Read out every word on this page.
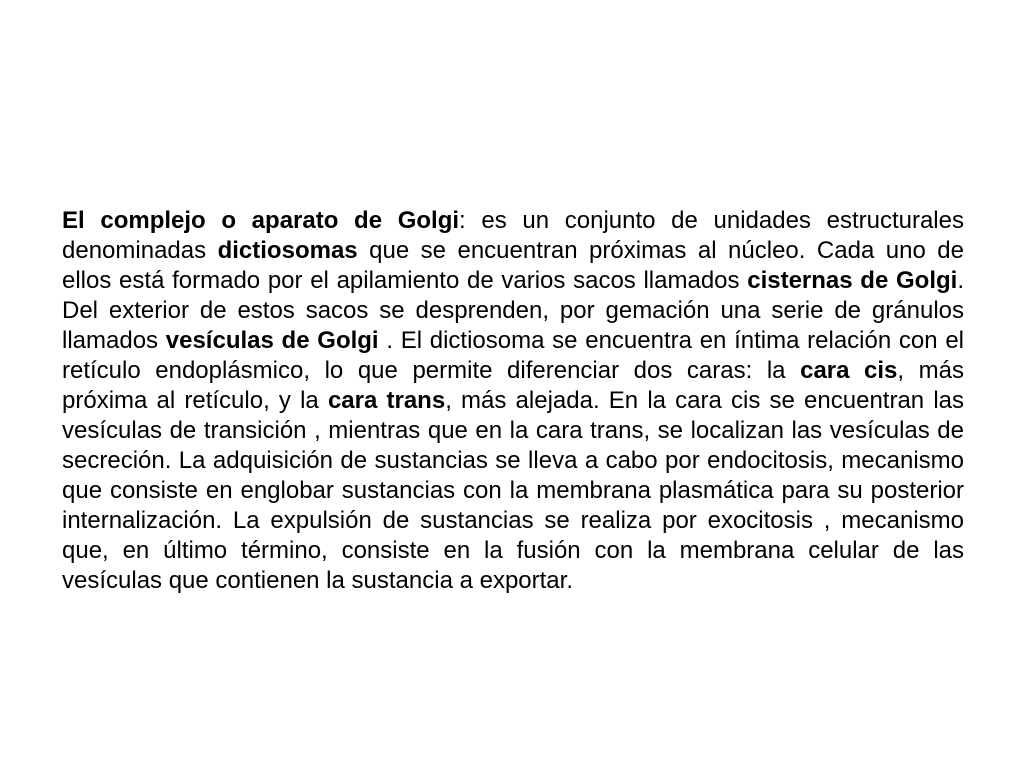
El complejo o aparato de Golgi: es un conjunto de unidades estructurales denominadas dictiosomas que se encuentran próximas al núcleo. Cada uno de ellos está formado por el apilamiento de varios sacos llamados cisternas de Golgi. Del exterior de estos sacos se desprenden, por gemación una serie de gránulos llamados vesículas de Golgi . El dictiosoma se encuentra en íntima relación con el retículo endoplásmico, lo que permite diferenciar dos caras: la cara cis, más próxima al retículo, y la cara trans, más alejada. En la cara cis se encuentran las vesículas de transición , mientras que en la cara trans, se localizan las vesículas de secreción. La adquisición de sustancias se lleva a cabo por endocitosis, mecanismo que consiste en englobar sustancias con la membrana plasmática para su posterior internalización. La expulsión de sustancias se realiza por exocitosis , mecanismo que, en último término, consiste en la fusión con la membrana celular de las vesículas que contienen la sustancia a exportar.
